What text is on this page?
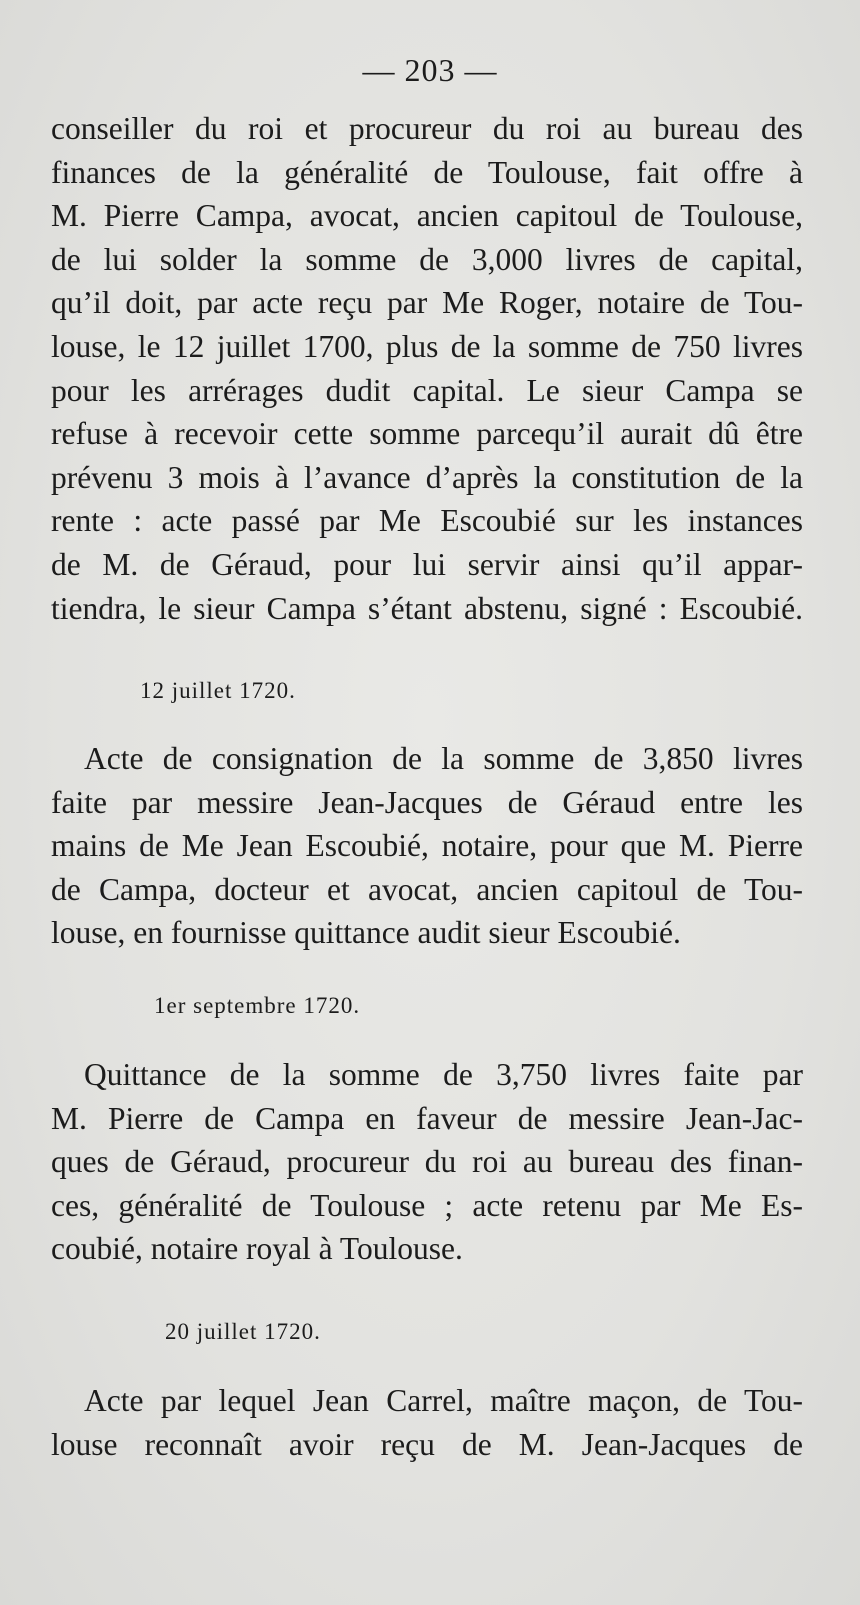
— 203 —
conseiller du roi et procureur du roi au bureau des
finances de la généralité de Toulouse, fait offre à
M. Pierre Campa, avocat, ancien capitoul de Toulouse,
de lui solder la somme de 3,000 livres de capital,
qu’il doit, par acte reçu par Me Roger, notaire de Tou-
louse, le 12 juillet 1700, plus de la somme de 750 livres
pour les arrérages dudit capital. Le sieur Campa se
refuse à recevoir cette somme parcequ’il aurait dû être
prévenu 3 mois à l’avance d’après la constitution de la
rente : acte passé par Me Escoubié sur les instances
de M. de Géraud, pour lui servir ainsi qu’il appar-
tiendra, le sieur Campa s’étant abstenu, signé : Escoubié.
12 juillet 1720.
Acte de consignation de la somme de 3,850 livres
faite par messire Jean-Jacques de Géraud entre les
mains de Me Jean Escoubié, notaire, pour que M. Pierre
de Campa, docteur et avocat, ancien capitoul de Tou-
louse, en fournisse quittance audit sieur Escoubié.
1er septembre 1720.
Quittance de la somme de 3,750 livres faite par
M. Pierre de Campa en faveur de messire Jean-Jac-
ques de Géraud, procureur du roi au bureau des finan-
ces, généralité de Toulouse ; acte retenu par Me Es-
coubié, notaire royal à Toulouse.
20 juillet 1720.
Acte par lequel Jean Carrel, maître maçon, de Tou-
louse reconnaît avoir reçu de M. Jean-Jacques de
